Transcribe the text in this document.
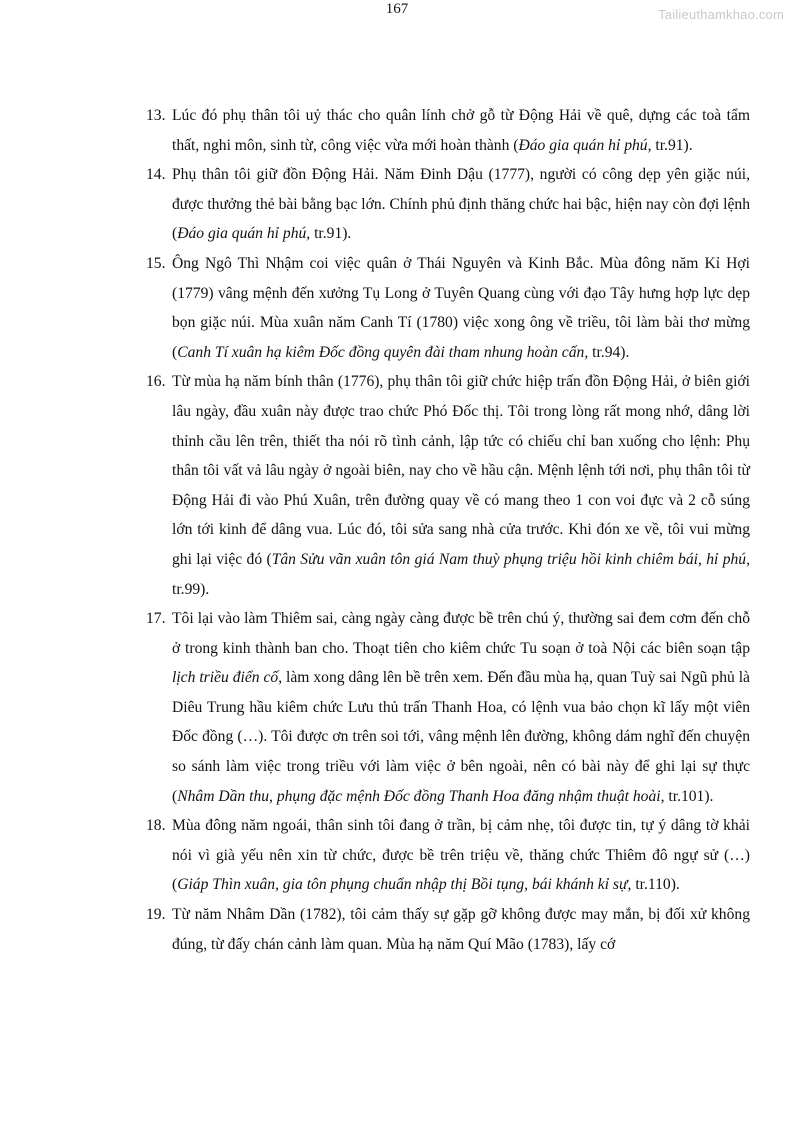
167	Tailieuthamkhao.com

13. Lúc đó phụ thân tôi uỷ thác cho quân lính chở gỗ từ Động Hải về quê, dựng các toà tẩm thất, nghi môn, sinh từ, công việc vừa mới hoàn thành (Đáo gia quán hỉ phú, tr.91).

14. Phụ thân tôi giữ đồn Động Hải. Năm Đinh Dậu (1777), người có công dẹp yên giặc núi, được thưởng thẻ bài bằng bạc lớn. Chính phủ định thăng chức hai bậc, hiện nay còn đợi lệnh (Đáo gia quán hỉ phú, tr.91).

15. Ông Ngô Thì Nhậm coi việc quân ở Thái Nguyên và Kinh Bắc. Mùa đông năm Kỉ Hợi (1779) vâng mệnh đến xưởng Tụ Long ở Tuyên Quang cùng với đạo Tây hưng hợp lực dẹp bọn giặc núi. Mùa xuân năm Canh Tí (1780) việc xong ông về triều, tôi làm bài thơ mừng (Canh Tí xuân hạ kiêm Đốc đồng quyên đài tham nhung hoàn cấn, tr.94).

16. Từ mùa hạ năm bính thân (1776), phụ thân tôi giữ chức hiệp trấn đồn Động Hải, ở biên giới lâu ngày, đầu xuân này được trao chức Phó Đốc thị. Tôi trong lòng rất mong nhớ, dâng lời thỉnh cầu lên trên, thiết tha nói rõ tình cảnh, lập tức có chiếu chỉ ban xuống cho lệnh: Phụ thân tôi vất vả lâu ngày ở ngoài biên, nay cho về hầu cận. Mệnh lệnh tới nơi, phụ thân tôi từ Động Hải đi vào Phú Xuân, trên đường quay về có mang theo 1 con voi đực và 2 cỗ súng lớn tới kinh để dâng vua. Lúc đó, tôi sửa sang nhà cửa trước. Khi đón xe về, tôi vui mừng ghi lại việc đó (Tân Sửu vãn xuân tôn giá Nam thuỳ phụng triệu hồi kinh chiêm bái, hỉ phú, tr.99).

17. Tôi lại vào làm Thiêm sai, càng ngày càng được bề trên chú ý, thường sai đem cơm đến chỗ ở trong kinh thành ban cho. Thoạt tiên cho kiêm chức Tu soạn ở toà Nội các biên soạn tập lịch triều điển cố, làm xong dâng lên bề trên xem. Đến đầu mùa hạ, quan Tuỳ sai Ngũ phủ là Diêu Trung hầu kiêm chức Lưu thủ trấn Thanh Hoa, có lệnh vua bảo chọn kĩ lấy một viên Đốc đồng (…). Tôi được ơn trên soi tới, vâng mệnh lên đường, không dám nghĩ đến chuyện so sánh làm việc trong triều với làm việc ở bên ngoài, nên có bài này để ghi lại sự thực (Nhâm Dần thu, phụng đặc mệnh Đốc đồng Thanh Hoa đăng nhậm thuật hoài, tr.101).

18. Mùa đông năm ngoái, thân sinh tôi đang ở trần, bị cảm nhẹ, tôi được tin, tự ý dâng tờ khải nói vì già yếu nên xin từ chức, được bề trên triệu về, thăng chức Thiêm đô ngự sử (…) (Giáp Thìn xuân, gia tôn phụng chuẩn nhập thị Bồi tụng, bái khánh kỉ sự, tr.110).

19. Từ năm Nhâm Dần (1782), tôi cảm thấy sự gặp gỡ không được may mắn, bị đối xử không đúng, từ đấy chán cảnh làm quan. Mùa hạ năm Quí Mão (1783), lấy cớ
